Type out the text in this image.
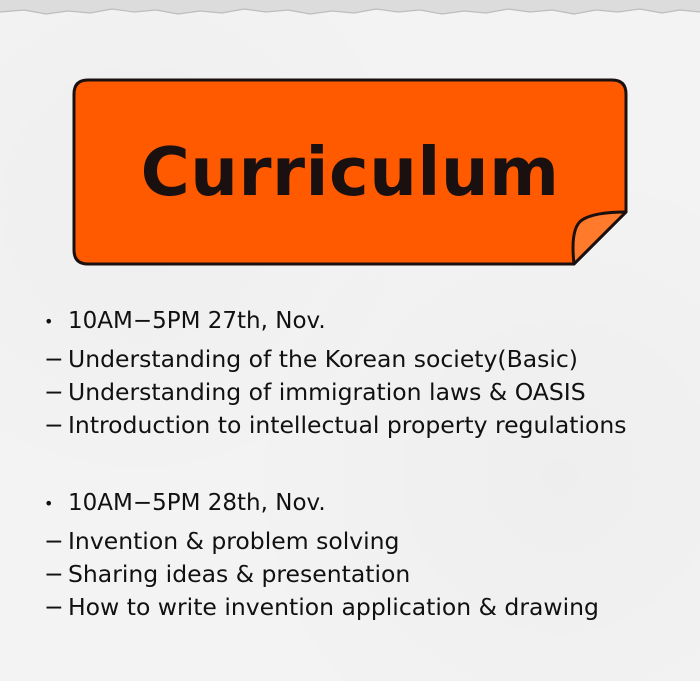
Curriculum
• 10AM−5PM 27th, Nov.
− Understanding of the Korean society(Basic)
− Understanding of immigration laws & OASIS
− Introduction to intellectual property regulations
• 10AM−5PM 28th, Nov.
− Invention & problem solving
− Sharing ideas & presentation
− How to write invention application & drawing
